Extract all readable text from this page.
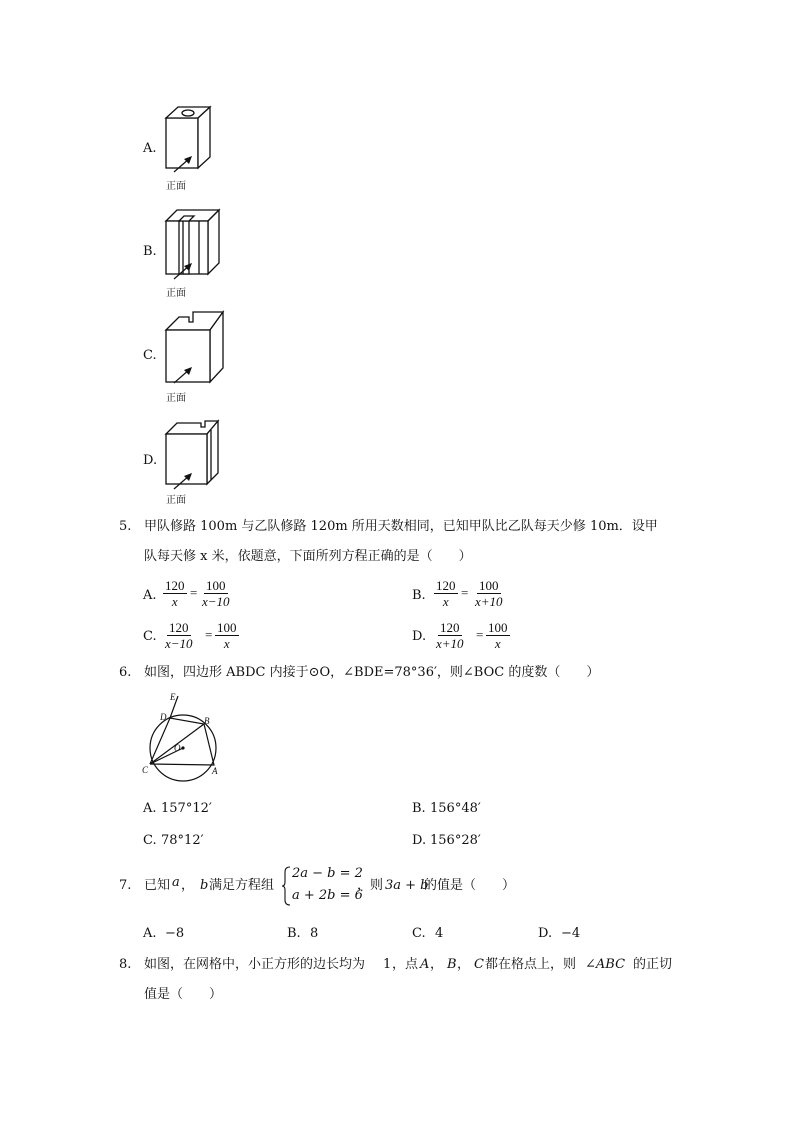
A.
正面
B.
正面
C.
正面
D.
正面
5. 甲队修路 100m 与乙队修路 120m 所用天数相同，已知甲队比乙队每天少修 10m．设甲
队每天修 x 米，依题意，下面所列方程正确的是（　　）
A. $\frac{120}{x} = \frac{100}{x-10}$	B. $\frac{120}{x} = \frac{100}{x+10}$
C. $\frac{120}{x-10} = \frac{100}{x}$	D. $\frac{120}{x+10} = \frac{100}{x}$
6. 如图，四边形 ABDC 内接于⊙O，∠BDE=78°36′，则∠BOC 的度数（　　）
E
D	B
O
C	A
A. 157°12′	B. 156°48′
C. 78°12′	D. 156°28′
7. 已知 a ， b 满足方程组
2a − b = 2
a + 2b = 6
，则 3a + b
的值是（　　）
A. −8	B. 8	C. 4	D. −4
8. 如图，在网格中，小正方形的边长均为 1 ，点 A ， B ， C 都在格点上，则 ∠ABC 的正切
值是（　　）
